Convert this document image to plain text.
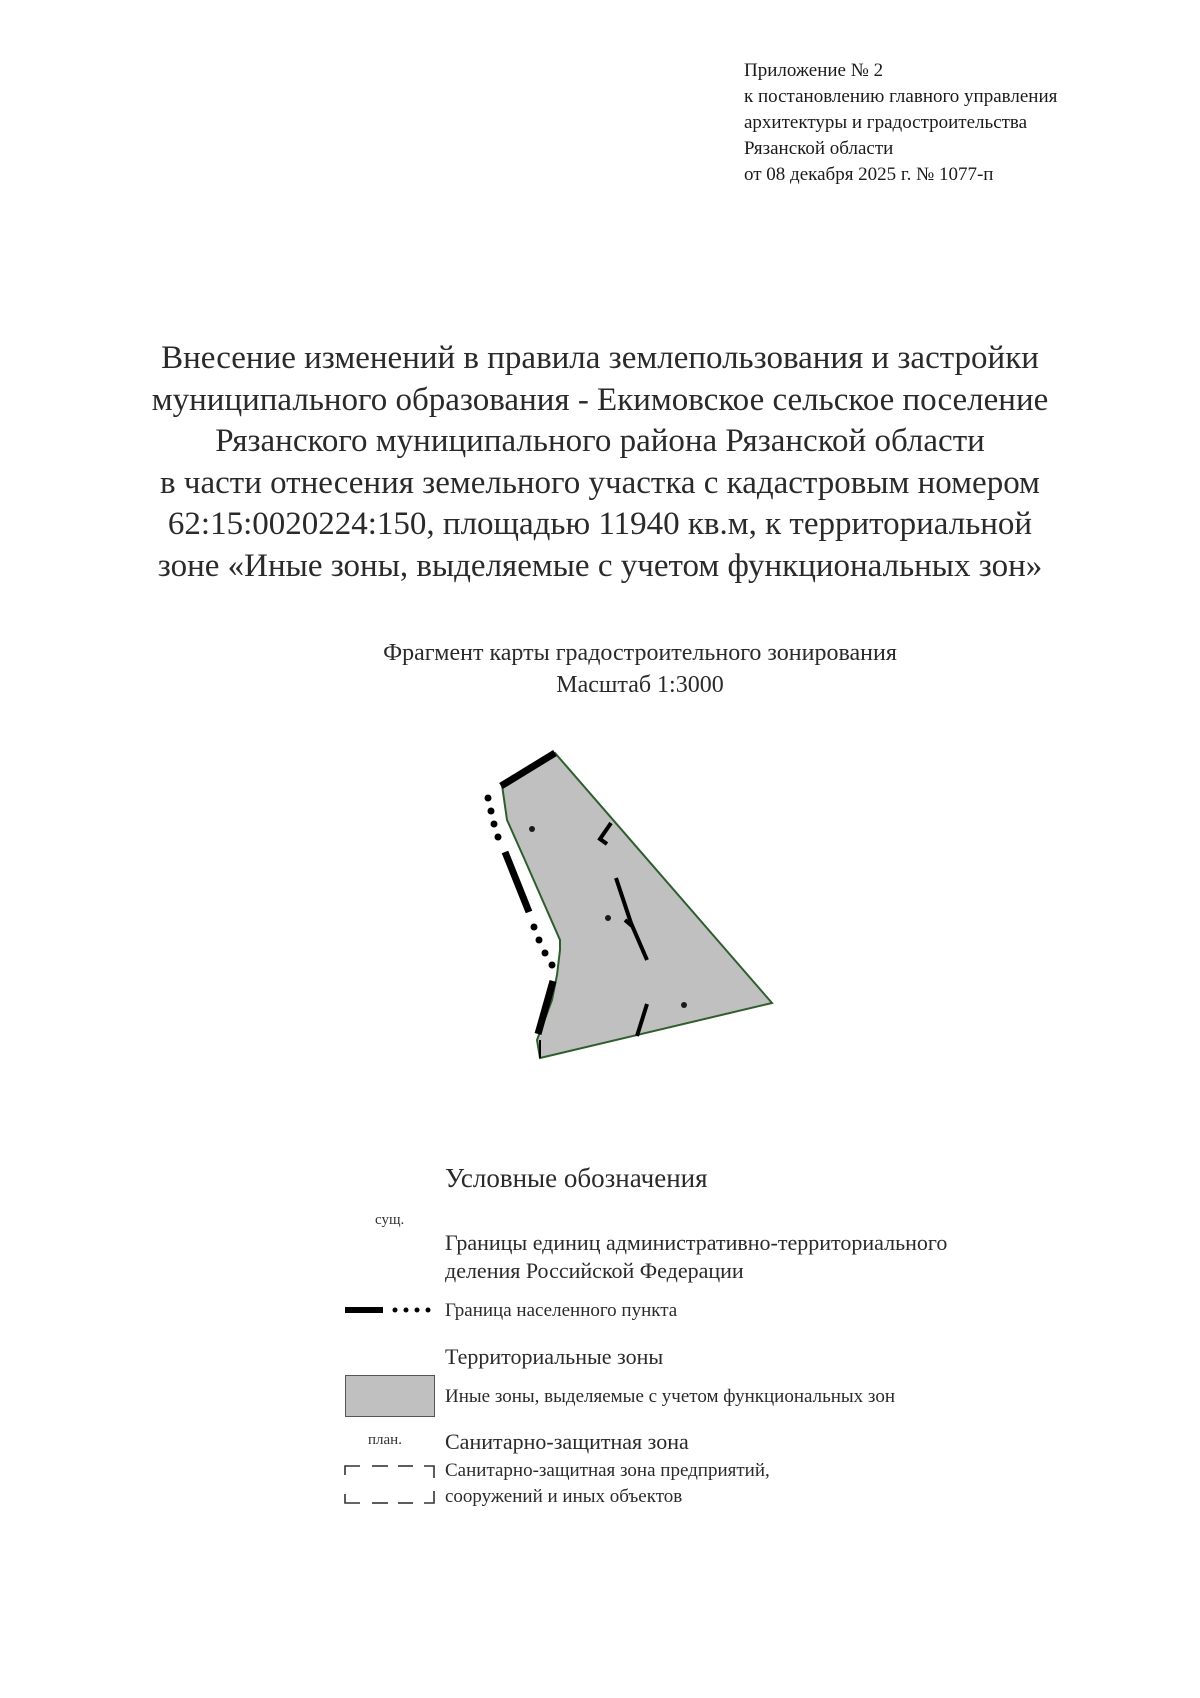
Приложение № 2
к постановлению главного управления
архитектуры и градостроительства
Рязанской области
от 08 декабря 2025 г. № 1077-п
Внесение изменений в правила землепользования и застройки
муниципального образования - Екимовское сельское поселение
Рязанского муниципального района Рязанской области
в части отнесения земельного участка с кадастровым номером
62:15:0020224:150, площадью 11940 кв.м, к территориальной
зоне «Иные зоны, выделяемые с учетом функциональных зон»
Фрагмент карты градостроительного зонирования
Масштаб 1:3000
Условные обозначения
сущ.
Границы единиц административно-территориального
деления Российской Федерации
Граница населенного пункта
Территориальные зоны
Иные зоны, выделяемые с учетом функциональных зон
план. Санитарно-защитная зона
Санитарно-защитная зона предприятий,
сооружений и иных объектов
